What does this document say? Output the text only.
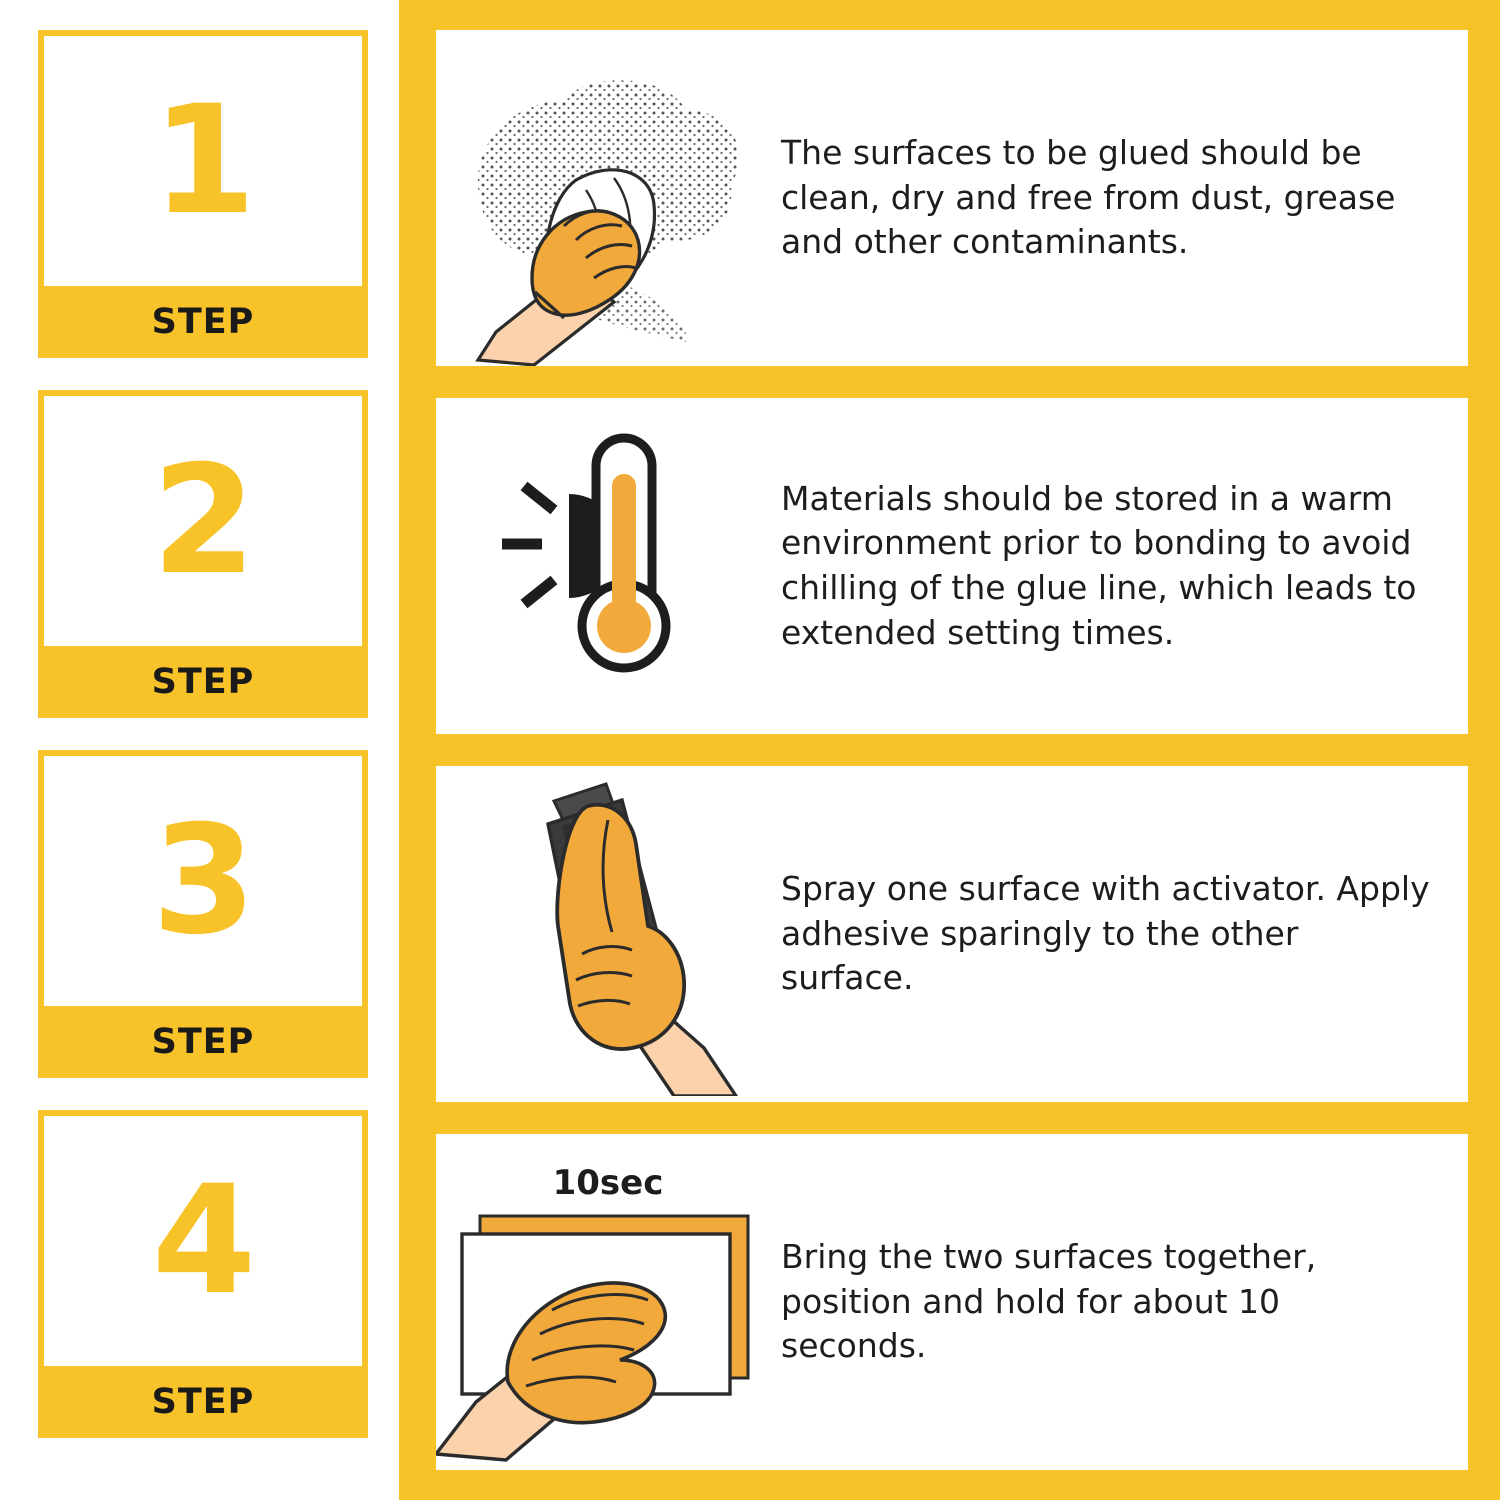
1
STEP
2
STEP
3
STEP
4
STEP
The surfaces to be glued should be clean, dry and free from dust, grease and other contaminants.
Materials should be stored in a warm environment prior to bonding to avoid chilling of the glue line, which leads to extended setting times.
Spray one surface with activator. Apply adhesive sparingly to the other surface.
10sec
Bring the two surfaces together, position and hold for about 10 seconds.
